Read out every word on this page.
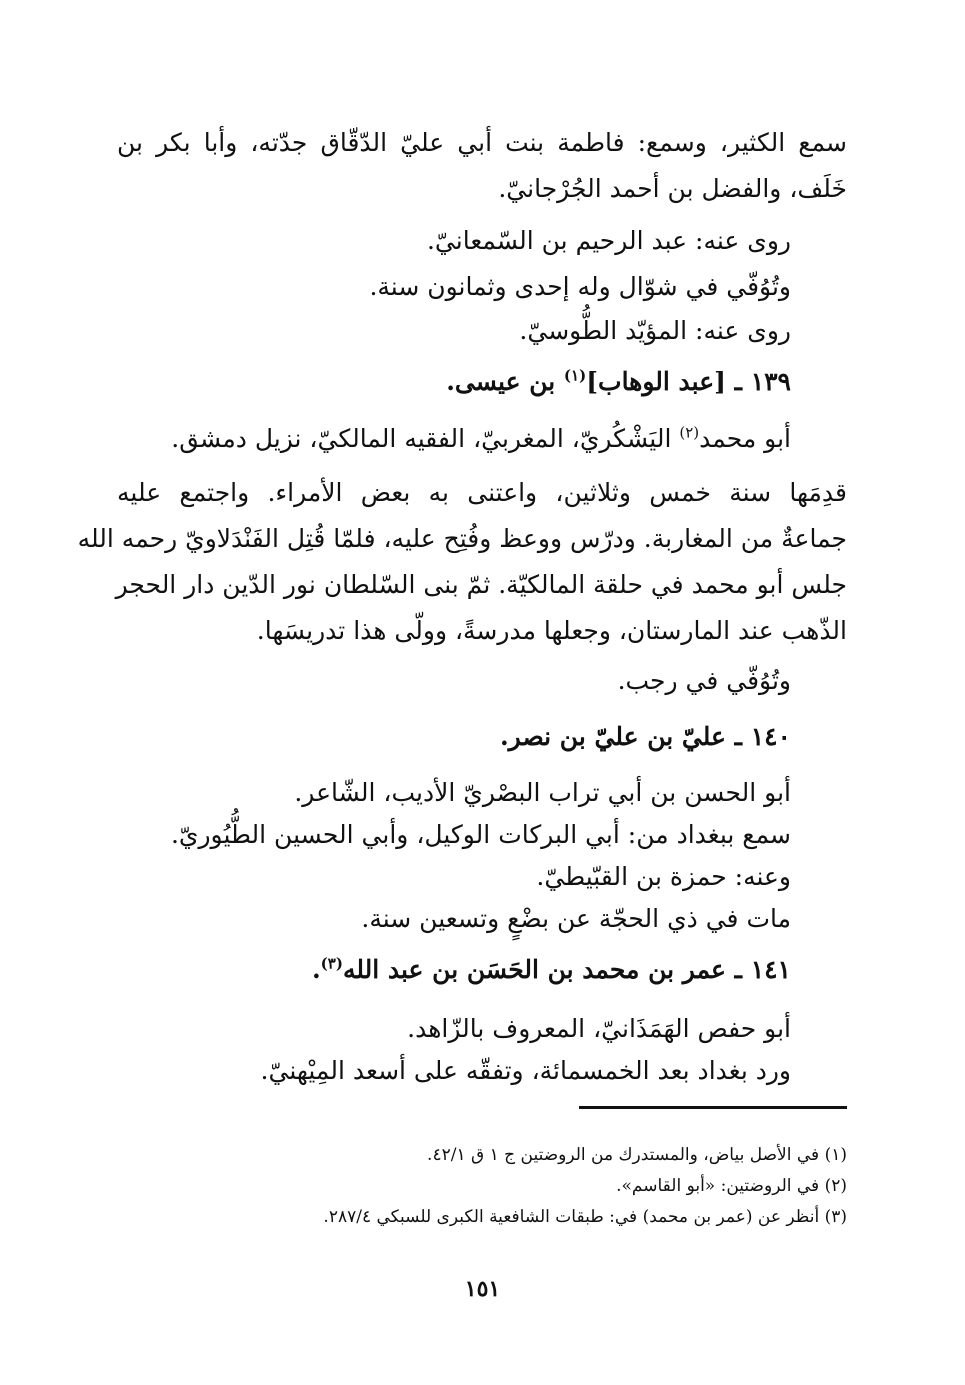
سمع الكثير، وسمع: فاطمة بنت أبي عليّ الدّقّاق جدّته، وأبا بكر بن
خَلَف، والفضل بن أحمد الجُرْجانيّ.
روى عنه: عبد الرحيم بن السّمعانيّ.
وتُوُفّي في شوّال وله إحدى وثمانون سنة.
روى عنه: المؤيّد الطُّوسيّ.
١٣٩ ـ [عبد الوهاب]$^{(١)}$ بن عيسى.
أبو محمد$^{(٢)}$ اليَشْكُريّ، المغربيّ، الفقيه المالكيّ، نزيل دمشق.
قدِمَها سنة خمس وثلاثين، واعتنى به بعض الأمراء. واجتمع عليه
جماعةٌ من المغاربة. ودرّس ووعظ وفُتِح عليه، فلمّا قُتِل الفَنْدَلاويّ رحمه الله
جلس أبو محمد في حلقة المالكيّة. ثمّ بنى السّلطان نور الدّين دار الحجر
الذّهب عند المارستان، وجعلها مدرسةً، وولّى هذا تدريسَها.
وتُوُفّي في رجب.
١٤٠ ـ عليّ بن عليّ بن نصر.
أبو الحسن بن أبي تراب البصْريّ الأديب، الشّاعر.
سمع ببغداد من: أبي البركات الوكيل، وأبي الحسين الطُّيُوريّ.
وعنه: حمزة بن القبّيطيّ.
مات في ذي الحجّة عن بضْعٍ وتسعين سنة.
١٤١ ـ عمر بن محمد بن الحَسَن بن عبد الله$^{(٣)}$.
أبو حفص الهَمَذَانيّ، المعروف بالزّاهد.
ورد بغداد بعد الخمسمائة، وتفقّه على أسعد المِيْهنيّ.
(١) في الأصل بياض، والمستدرك من الروضتين ج ١ ق ٤٢/١.
(٢) في الروضتين: «أبو القاسم».
(٣) أنظر عن (عمر بن محمد) في: طبقات الشافعية الكبرى للسبكي ٢٨٧/٤.
١٥١
